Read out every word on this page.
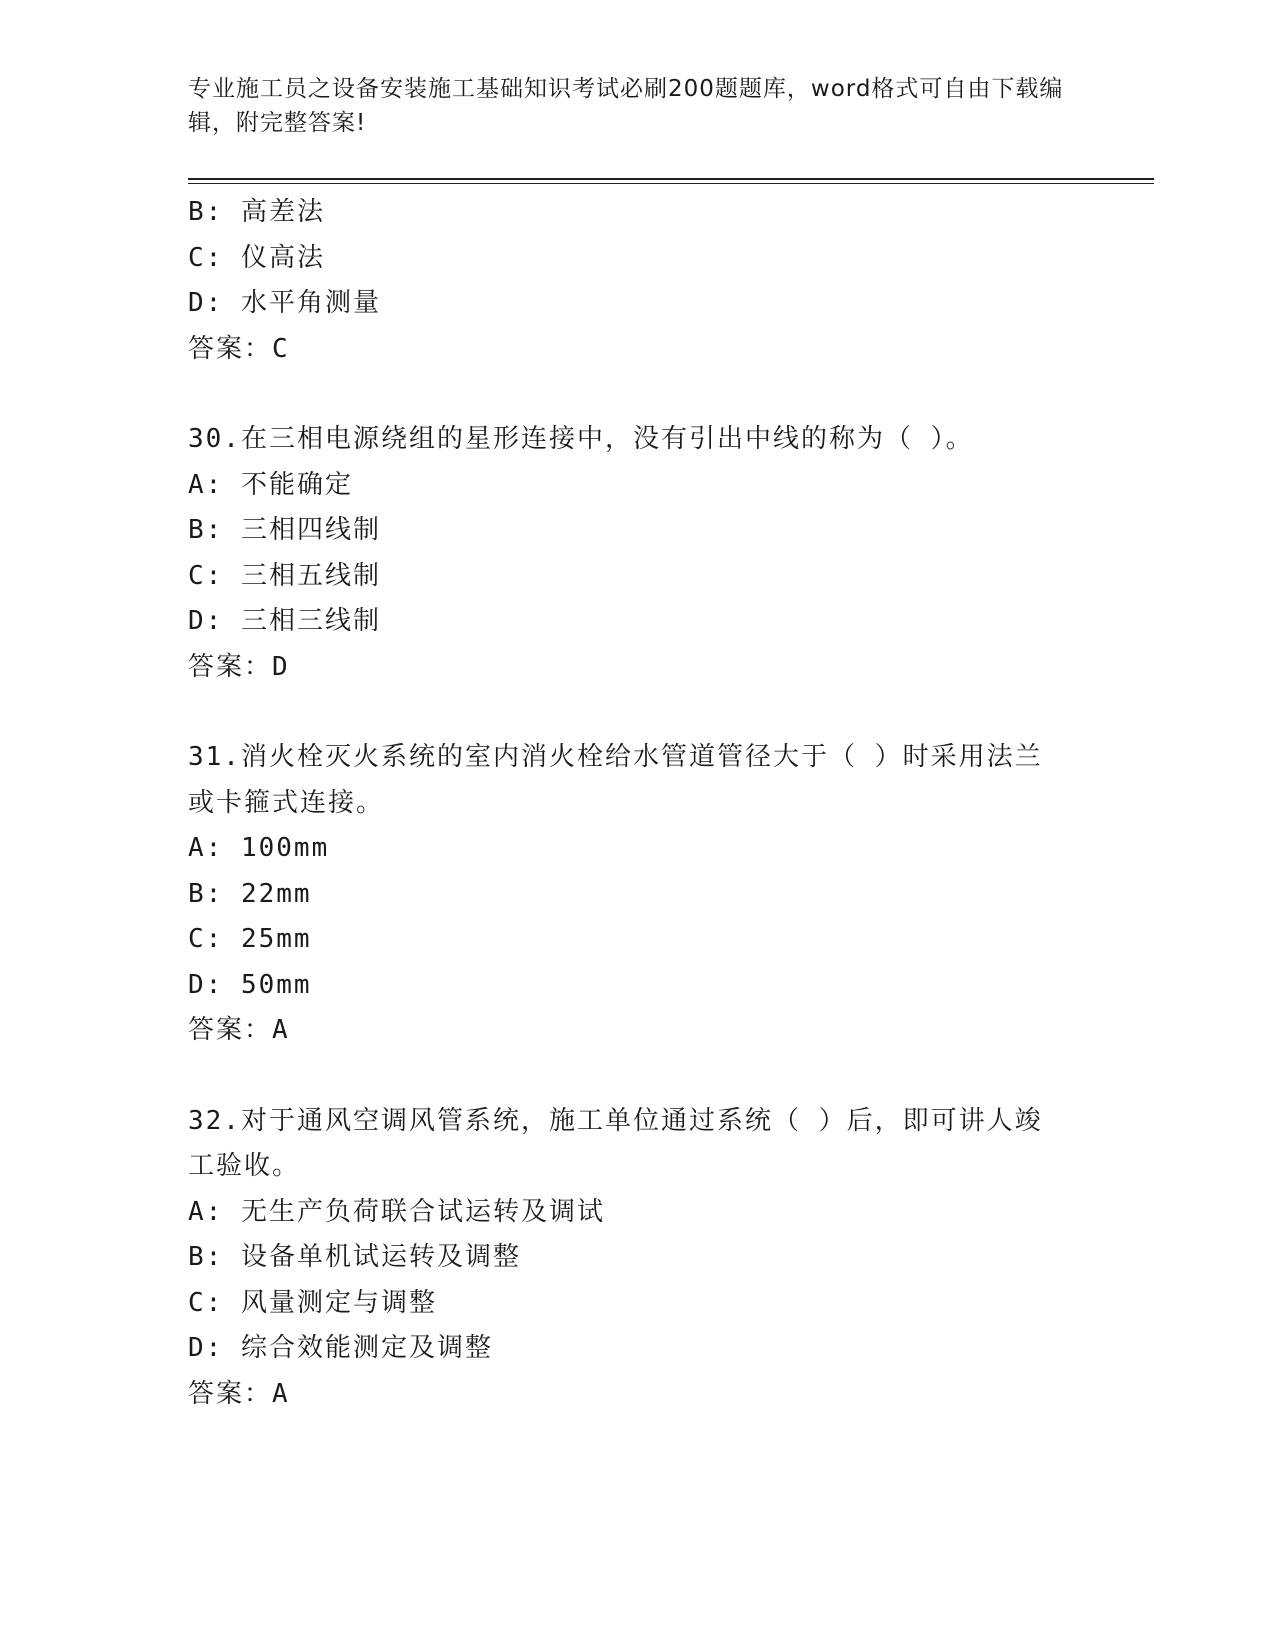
专业施工员之设备安装施工基础知识考试必刷200题题库，word格式可自由下载编辑，附完整答案!
B: 高差法
C: 仪高法
D: 水平角测量
答案：C
30.在三相电源绕组的星形连接中，没有引出中线的称为（ ）。
A: 不能确定
B: 三相四线制
C: 三相五线制
D: 三相三线制
答案：D
31.消火栓灭火系统的室内消火栓给水管道管径大于（ ）时采用法兰或卡箍式连接。
A: 100mm
B: 22mm
C: 25mm
D: 50mm
答案：A
32.对于通风空调风管系统，施工单位通过系统（ ）后，即可讲人竣工验收。
A: 无生产负荷联合试运转及调试
B: 设备单机试运转及调整
C: 风量测定与调整
D: 综合效能测定及调整
答案：A
